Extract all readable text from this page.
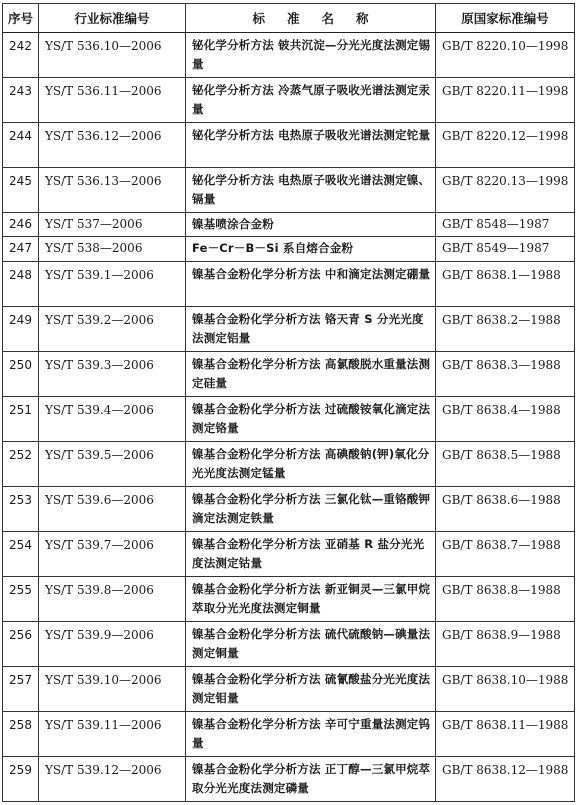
序号	行业标准编号	标准名称	原国家标准编号
242	YS/T 536.10—2006	铋化学分析方法 铍共沉淀—分光光度法测定锡量	GB/T 8220.10—1998
243	YS/T 536.11—2006	铋化学分析方法 冷蒸气原子吸收光谱法测定汞量	GB/T 8220.11—1998
244	YS/T 536.12—2006	铋化学分析方法 电热原子吸收光谱法测定铊量	GB/T 8220.12—1998
245	YS/T 536.13—2006	铋化学分析方法 电热原子吸收光谱法测定镍、镉量	GB/T 8220.13—1998
246	YS/T 537—2006	镍基喷涂合金粉	GB/T 8548—1987
247	YS/T 538—2006	Fe－Cr－B－Si 系自熔合金粉	GB/T 8549—1987
248	YS/T 539.1—2006	镍基合金粉化学分析方法 中和滴定法测定硼量	GB/T 8638.1—1988
249	YS/T 539.2—2006	镍基合金粉化学分析方法 铬天青 S 分光光度法测定铝量	GB/T 8638.2—1988
250	YS/T 539.3—2006	镍基合金粉化学分析方法 高氯酸脱水重量法测定硅量	GB/T 8638.3—1988
251	YS/T 539.4—2006	镍基合金粉化学分析方法 过硫酸铵氧化滴定法测定铬量	GB/T 8638.4—1988
252	YS/T 539.5—2006	镍基合金粉化学分析方法 高碘酸钠(钾)氧化分光光度法测定锰量	GB/T 8638.5—1988
253	YS/T 539.6—2006	镍基合金粉化学分析方法 三氯化钛—重铬酸钾滴定法测定铁量	GB/T 8638.6—1988
254	YS/T 539.7—2006	镍基合金粉化学分析方法 亚硝基 R 盐分光光度法测定钴量	GB/T 8638.7—1988
255	YS/T 539.8—2006	镍基合金粉化学分析方法 新亚铜灵—三氯甲烷萃取分光光度法测定铜量	GB/T 8638.8—1988
256	YS/T 539.9—2006	镍基合金粉化学分析方法 硫代硫酸钠—碘量法测定铜量	GB/T 8638.9—1988
257	YS/T 539.10—2006	镍基合金粉化学分析方法 硫氰酸盐分光光度法测定钼量	GB/T 8638.10—1988
258	YS/T 539.11—2006	镍基合金粉化学分析方法 辛可宁重量法测定钨量	GB/T 8638.11—1988
259	YS/T 539.12—2006	镍基合金粉化学分析方法 正丁醇—三氯甲烷萃取分光光度法测定磷量	GB/T 8638.12—1988
